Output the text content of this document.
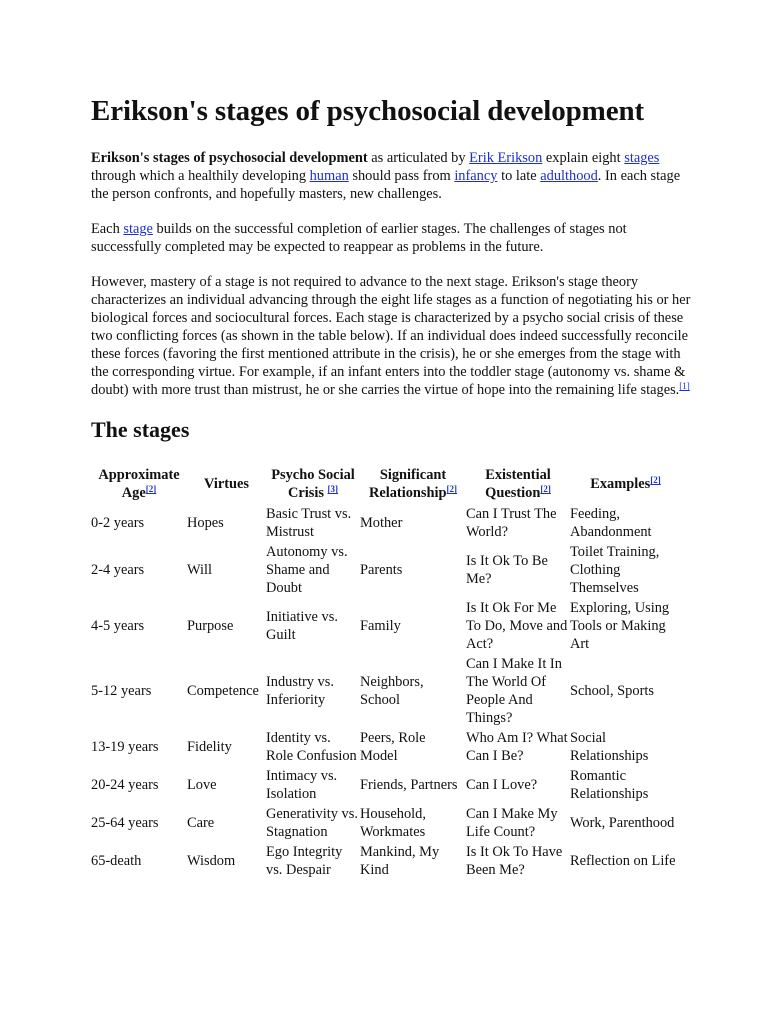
Erikson's stages of psychosocial development

Erikson's stages of psychosocial development as articulated by Erik Erikson explain eight stages through which a healthily developing human should pass from infancy to late adulthood. In each stage the person confronts, and hopefully masters, new challenges.

Each stage builds on the successful completion of earlier stages. The challenges of stages not successfully completed may be expected to reappear as problems in the future.

However, mastery of a stage is not required to advance to the next stage. Erikson's stage theory characterizes an individual advancing through the eight life stages as a function of negotiating his or her biological forces and sociocultural forces. Each stage is characterized by a psycho social crisis of these two conflicting forces (as shown in the table below). If an individual does indeed successfully reconcile these forces (favoring the first mentioned attribute in the crisis), he or she emerges from the stage with the corresponding virtue. For example, if an infant enters into the toddler stage (autonomy vs. shame & doubt) with more trust than mistrust, he or she carries the virtue of hope into the remaining life stages.[1]

The stages
Approximate Age[2]	Virtues	Psycho Social Crisis [3]	Significant Relationship[2]	Existential Question[2]	Examples[2]
0-2 years	Hopes	Basic Trust vs. Mistrust	Mother	Can I Trust The World?	Feeding, Abandonment
2-4 years	Will	Autonomy vs. Shame and Doubt	Parents	Is It Ok To Be Me?	Toilet Training, Clothing Themselves
4-5 years	Purpose	Initiative vs. Guilt	Family	Is It Ok For Me To Do, Move and Act?	Exploring, Using Tools or Making Art
5-12 years	Competence	Industry vs. Inferiority	Neighbors, School	Can I Make It In The World Of People And Things?	School, Sports
13-19 years	Fidelity	Identity vs. Role Confusion	Peers, Role Model	Who Am I? What Can I Be?	Social Relationships
20-24 years	Love	Intimacy vs. Isolation	Friends, Partners	Can I Love?	Romantic Relationships
25-64 years	Care	Generativity vs. Stagnation	Household, Workmates	Can I Make My Life Count?	Work, Parenthood
65-death	Wisdom	Ego Integrity vs. Despair	Mankind, My Kind	Is It Ok To Have Been Me?	Reflection on Life
